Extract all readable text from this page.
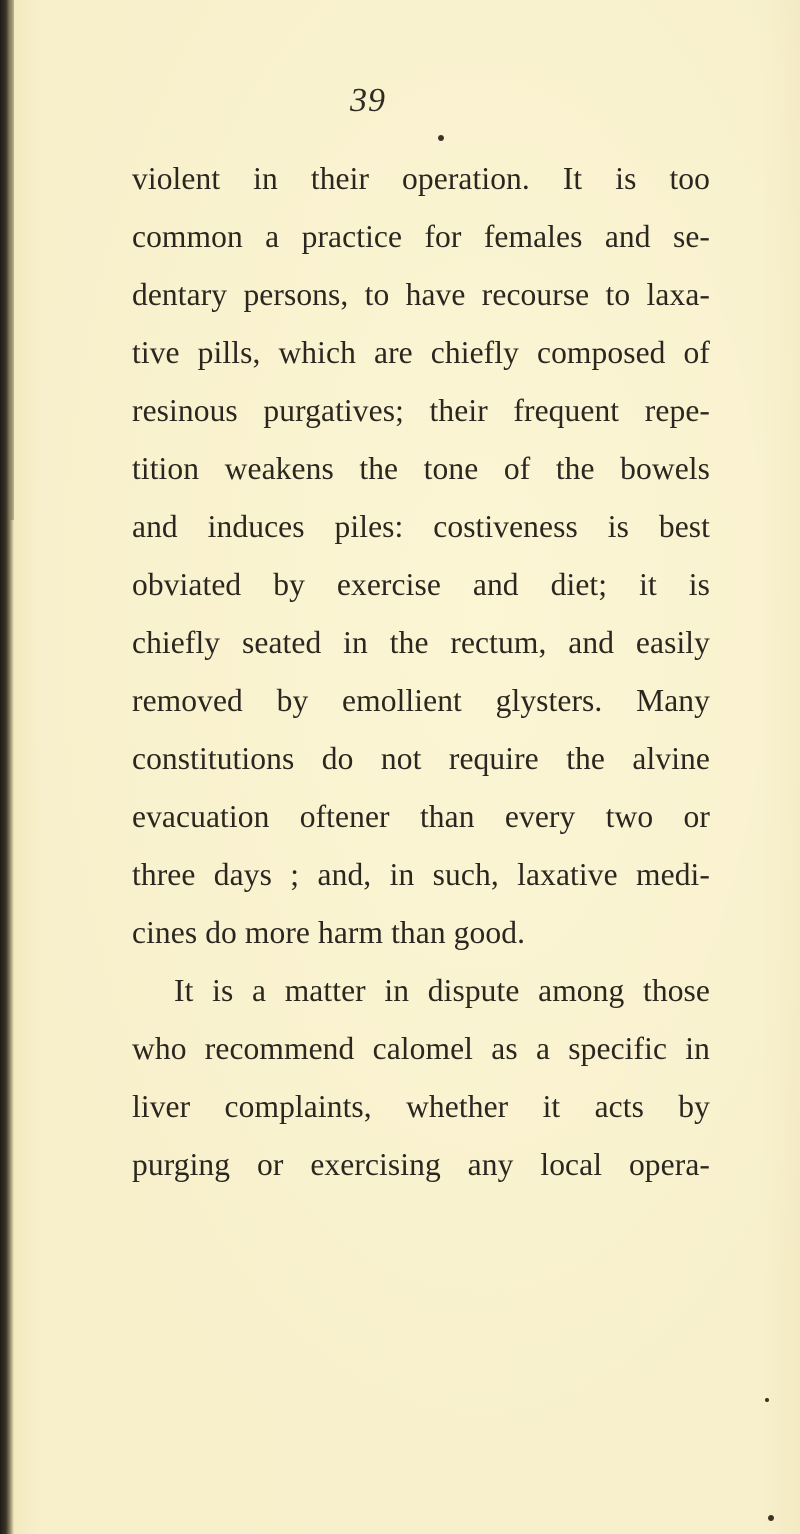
39
violent in their operation. It is too
common a practice for females and se-
dentary persons, to have recourse to laxa-
tive pills, which are chiefly composed of
resinous purgatives; their frequent repe-
tition weakens the tone of the bowels
and induces piles: costiveness is best
obviated by exercise and diet; it is
chiefly seated in the rectum, and easily
removed by emollient glysters. Many
constitutions do not require the alvine
evacuation oftener than every two or
three days ; and, in such, laxative medi-
cines do more harm than good.
It is a matter in dispute among those
who recommend calomel as a specific in
liver complaints, whether it acts by
purging or exercising any local opera-
